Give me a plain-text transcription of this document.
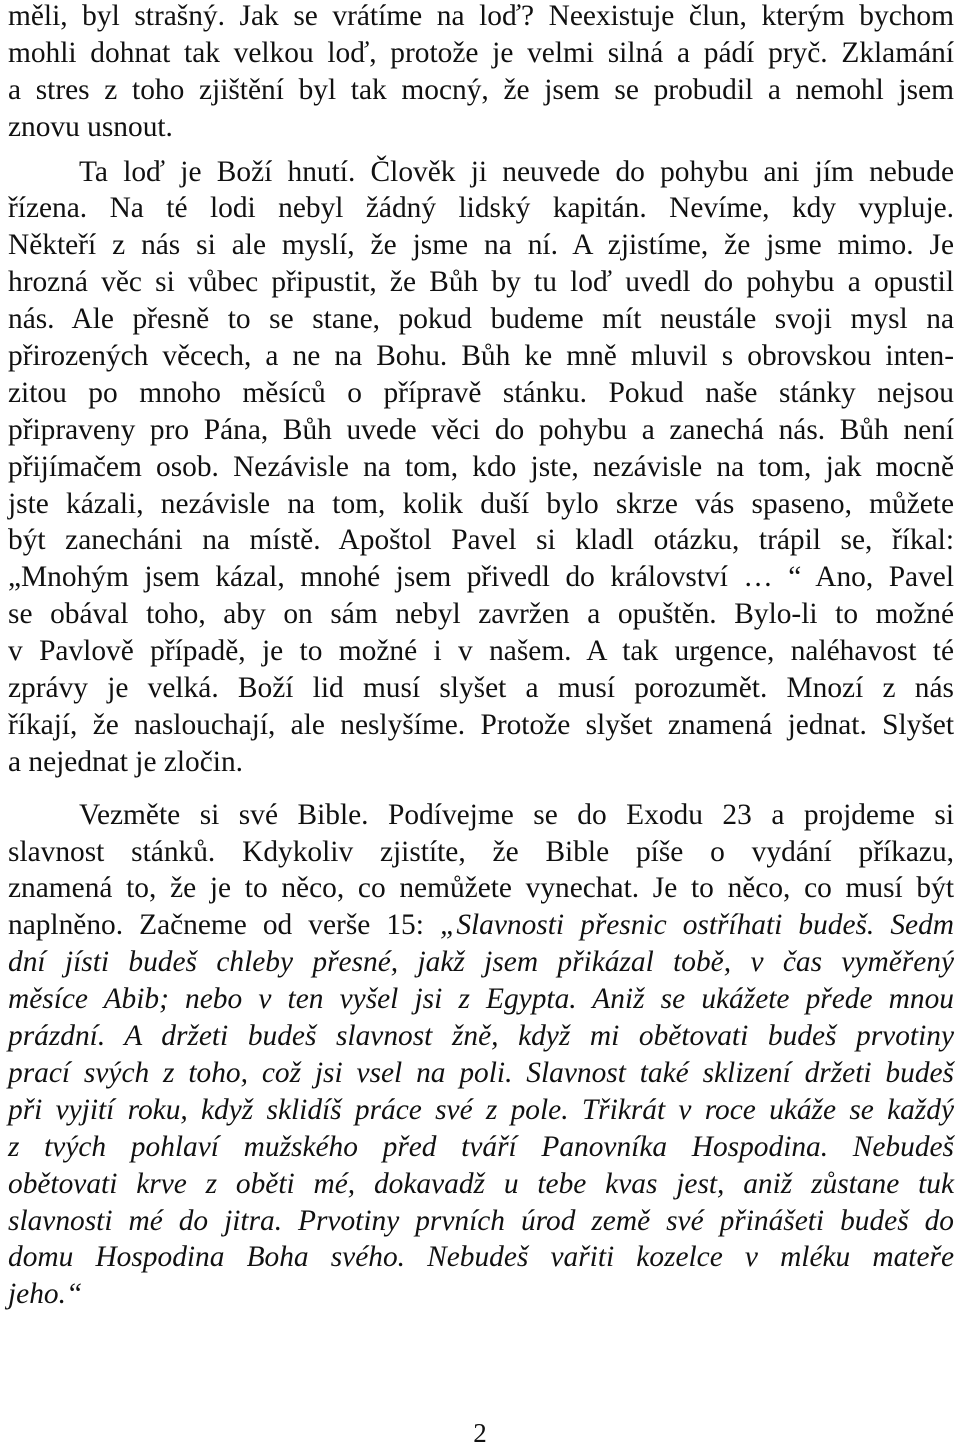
měli, byl strašný. Jak se vrátíme na loď? Neexistuje člun, kterým bychom
mohli dohnat tak velkou loď, protože je velmi silná a pádí pryč. Zklamání
a stres z toho zjištění byl tak mocný, že jsem se probudil a nemohl jsem
znovu usnout.
Ta loď je Boží hnutí. Člověk ji neuvede do pohybu ani jím nebude
řízena. Na té lodi nebyl žádný lidský kapitán. Nevíme, kdy vypluje.
Někteří z nás si ale myslí, že jsme na ní. A zjistíme, že jsme mimo. Je
hrozná věc si vůbec připustit, že Bůh by tu loď uvedl do pohybu a opustil
nás. Ale přesně to se stane, pokud budeme mít neustále svoji mysl na
přirozených věcech, a ne na Bohu. Bůh ke mně mluvil s obrovskou inten-
zitou po mnoho měsíců o přípravě stánku. Pokud naše stánky nejsou
připraveny pro Pána, Bůh uvede věci do pohybu a zanechá nás. Bůh není
přijímačem osob. Nezávisle na tom, kdo jste, nezávisle na tom, jak mocně
jste kázali, nezávisle na tom, kolik duší bylo skrze vás spaseno, můžete
být zanecháni na místě. Apoštol Pavel si kladl otázku, trápil se, říkal:
„Mnohým jsem kázal, mnohé jsem přivedl do království … “ Ano, Pavel
se obával toho, aby on sám nebyl zavržen a opuštěn. Bylo-li to možné
v Pavlově případě, je to možné i v našem. A tak urgence, naléhavost té
zprávy je velká. Boží lid musí slyšet a musí porozumět. Mnozí z nás
říkají, že naslouchají, ale neslyšíme. Protože slyšet znamená jednat. Slyšet
a nejednat je zločin.
Vezměte si své Bible. Podívejme se do Exodu 23 a projdeme si
slavnost stánků. Kdykoliv zjistíte, že Bible píše o vydání příkazu,
znamená to, že je to něco, co nemůžete vynechat. Je to něco, co musí být
naplněno. Začneme od verše 15: „Slavnosti přesnic ostříhati budeš. Sedm
dní jísti budeš chleby přesné, jakž jsem přikázal tobě, v čas vyměřený
měsíce Abib; nebo v ten vyšel jsi z Egypta. Aniž se ukážete přede mnou
prázdní. A držeti budeš slavnost žně, když mi obětovati budeš prvotiny
prací svých z toho, což jsi vsel na poli. Slavnost také sklizení držeti budeš
při vyjití roku, když sklidíš práce své z pole. Třikrát v roce ukáže se každý
z tvých pohlaví mužského před tváří Panovníka Hospodina. Nebudeš
obětovati krve z oběti mé, dokavadž u tebe kvas jest, aniž zůstane tuk
slavnosti mé do jitra. Prvotiny prvních úrod země své přinášeti budeš do
domu Hospodina Boha svého. Nebudeš vařiti kozelce v mléku mateře
jeho.“
2
